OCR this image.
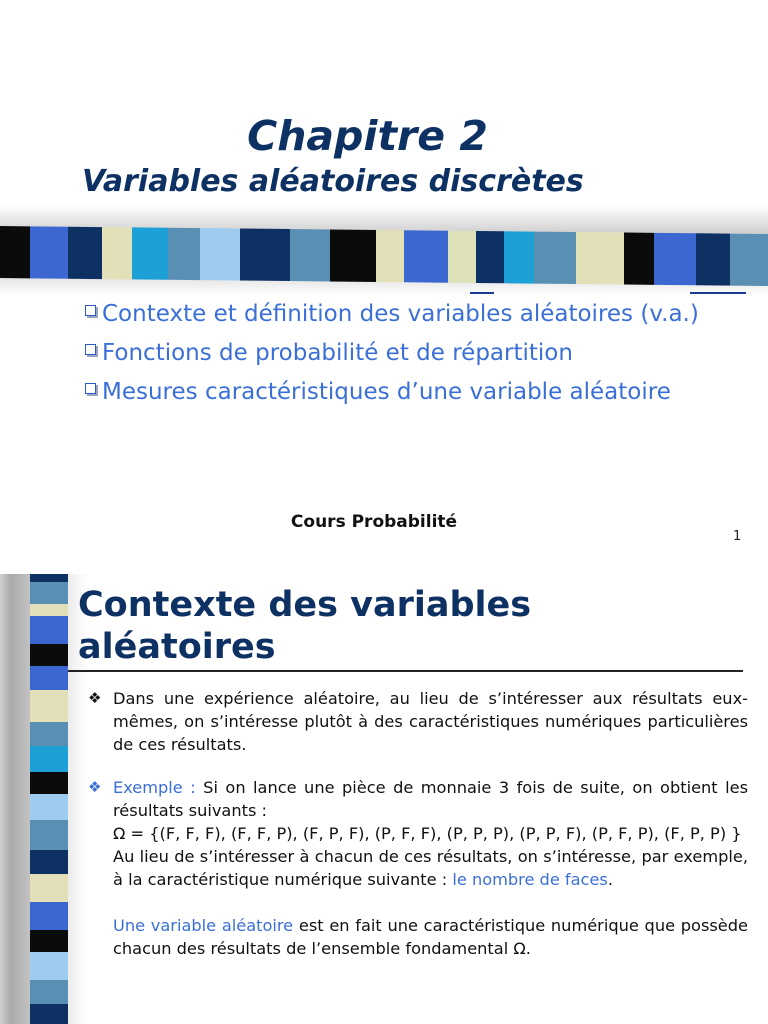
Chapitre 2
Variables aléatoires discrètes
Contexte et définition des variables aléatoires (v.a.)
Fonctions de probabilité et de répartition
Mesures caractéristiques d’une variable aléatoire
Cours Probabilité
1
Contexte des variables aléatoires
❖ Dans une expérience aléatoire, au lieu de s’intéresser aux résultats eux-mêmes, on s’intéresse plutôt à des caractéristiques numériques particulières de ces résultats.

❖ Exemple : Si on lance une pièce de monnaie 3 fois de suite, on obtient les résultats suivants :

Ω = {(F, F, F), (F, F, P), (F, P, F), (P, F, F), (P, P, P), (P, P, F), (P, F, P), (F, P, P) }

Au lieu de s’intéresser à chacun de ces résultats, on s’intéresse, par exemple, à la caractéristique numérique suivante : le nombre de faces.

Une variable aléatoire est en fait une caractéristique numérique que possède chacun des résultats de l’ensemble fondamental Ω.
